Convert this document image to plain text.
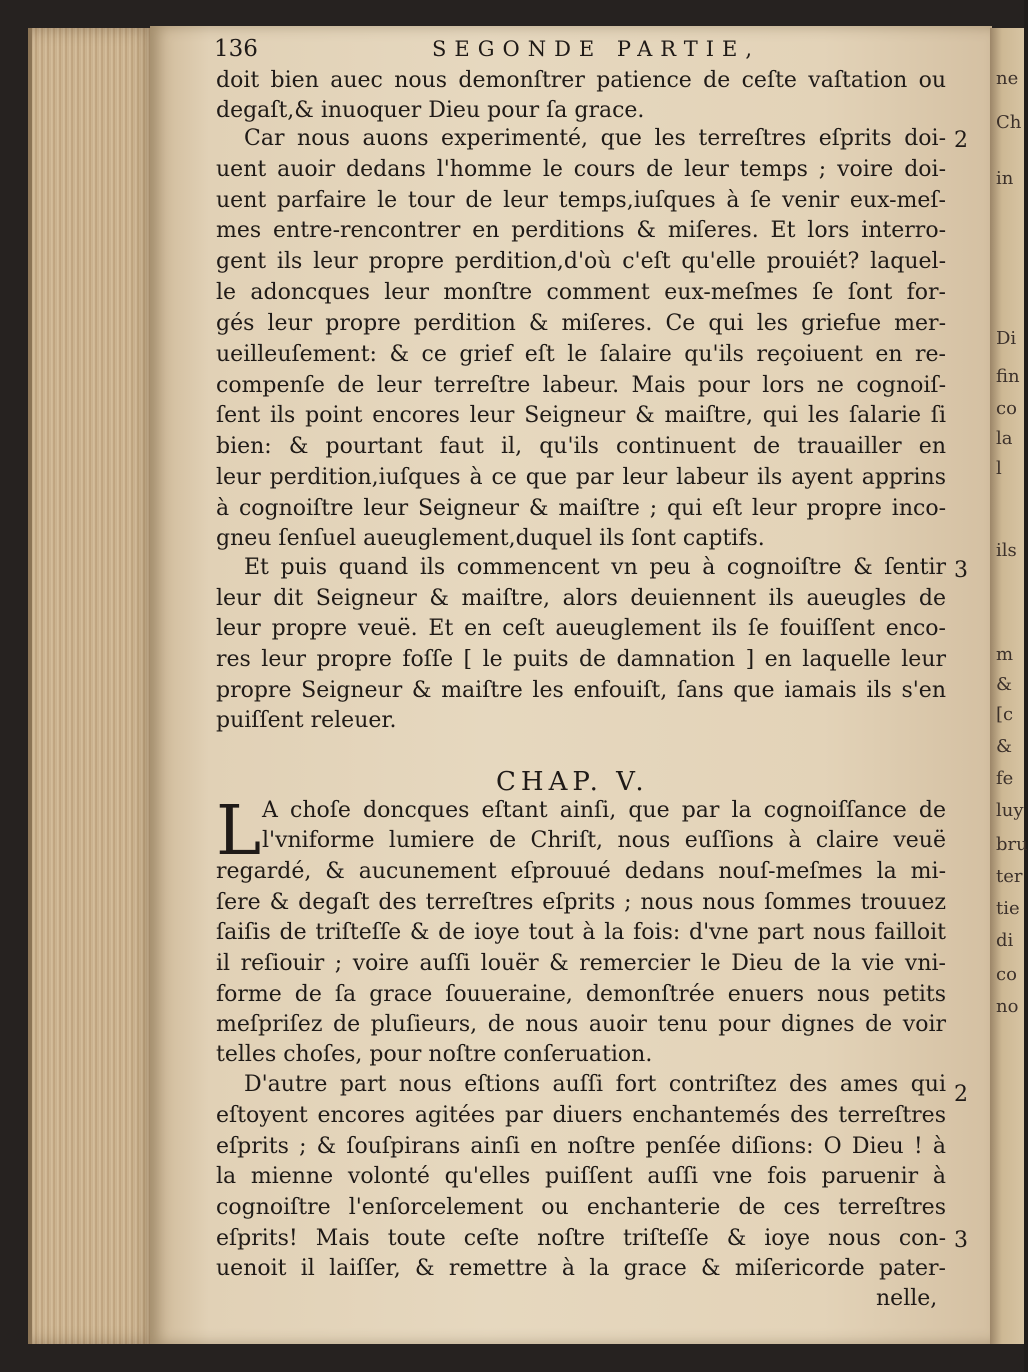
ne
Ch
in
Di
fin
co
la
l
ils
m
&
[c
&
fe
luy
bru
ter
tie
di
co
no
136	SEGONDE PARTIE,
doit bien auec nous demonſtrer patience de ceſte vaſtation ou
degaſt,& inuoquer Dieu pour ſa grace.
Car nous auons experimenté, que les terreſtres eſprits doi-
uent auoir dedans l'homme le cours de leur temps ; voire doi-
uent parfaire le tour de leur temps,iuſques à ſe venir eux-meſ-
mes entre-rencontrer en perditions & miſeres. Et lors interro-
gent ils leur propre perdition,d'où c'eſt qu'elle prouiét? laquel-
le adoncques leur monſtre comment eux-meſmes ſe ſont for-
gés leur propre perdition & miſeres. Ce qui les griefue mer-
ueilleuſement: & ce grief eſt le ſalaire qu'ils reçoiuent en re-
compenſe de leur terreſtre labeur. Mais pour lors ne cognoiſ-
ſent ils point encores leur Seigneur & maiſtre, qui les ſalarie ſi
bien: & pourtant faut il, qu'ils continuent de trauailler en
leur perdition,iuſques à ce que par leur labeur ils ayent apprins
à cognoiſtre leur Seigneur & maiſtre ; qui eſt leur propre inco-
gneu ſenſuel aueuglement,duquel ils ſont captifs.
Et puis quand ils commencent vn peu à cognoiſtre & ſentir
leur dit Seigneur & maiſtre, alors deuiennent ils aueugles de
leur propre veuë. Et en ceſt aueuglement ils ſe fouiſſent enco-
res leur propre foſſe [ le puits de damnation ] en laquelle leur
propre Seigneur & maiſtre les enfouiſt, ſans que iamais ils s'en
puiſſent releuer.
CHAP. V.
L A choſe doncques eſtant ainſi, que par la cognoiſſance de
l'vniforme lumiere de Chriſt, nous euſſions à claire veuë
regardé, & aucunement eſprouué dedans nouſ-meſmes la mi-
ſere & degaſt des terreſtres eſprits ; nous nous ſommes trouuez
ſaiſis de triſteſſe & de ioye tout à la fois: d'vne part nous failloit
il reſiouir ; voire auſſi louër & remercier le Dieu de la vie vni-
forme de ſa grace ſouueraine, demonſtrée enuers nous petits
meſpriſez de pluſieurs, de nous auoir tenu pour dignes de voir
telles choſes, pour noſtre conſeruation.
D'autre part nous eſtions auſſi fort contriſtez des ames qui
eſtoyent encores agitées par diuers enchantemés des terreſtres
eſprits ; & ſouſpirans ainſi en noſtre penſée diſions: O Dieu ! à
la mienne volonté qu'elles puiſſent auſſi vne fois paruenir à
cognoiſtre l'enſorcelement ou enchanterie de ces terreſtres
eſprits! Mais toute ceſte noſtre triſteſſe & ioye nous con-
uenoit il laiſſer, & remettre à la grace & miſericorde pater-
nelle,
2
3
2
3
